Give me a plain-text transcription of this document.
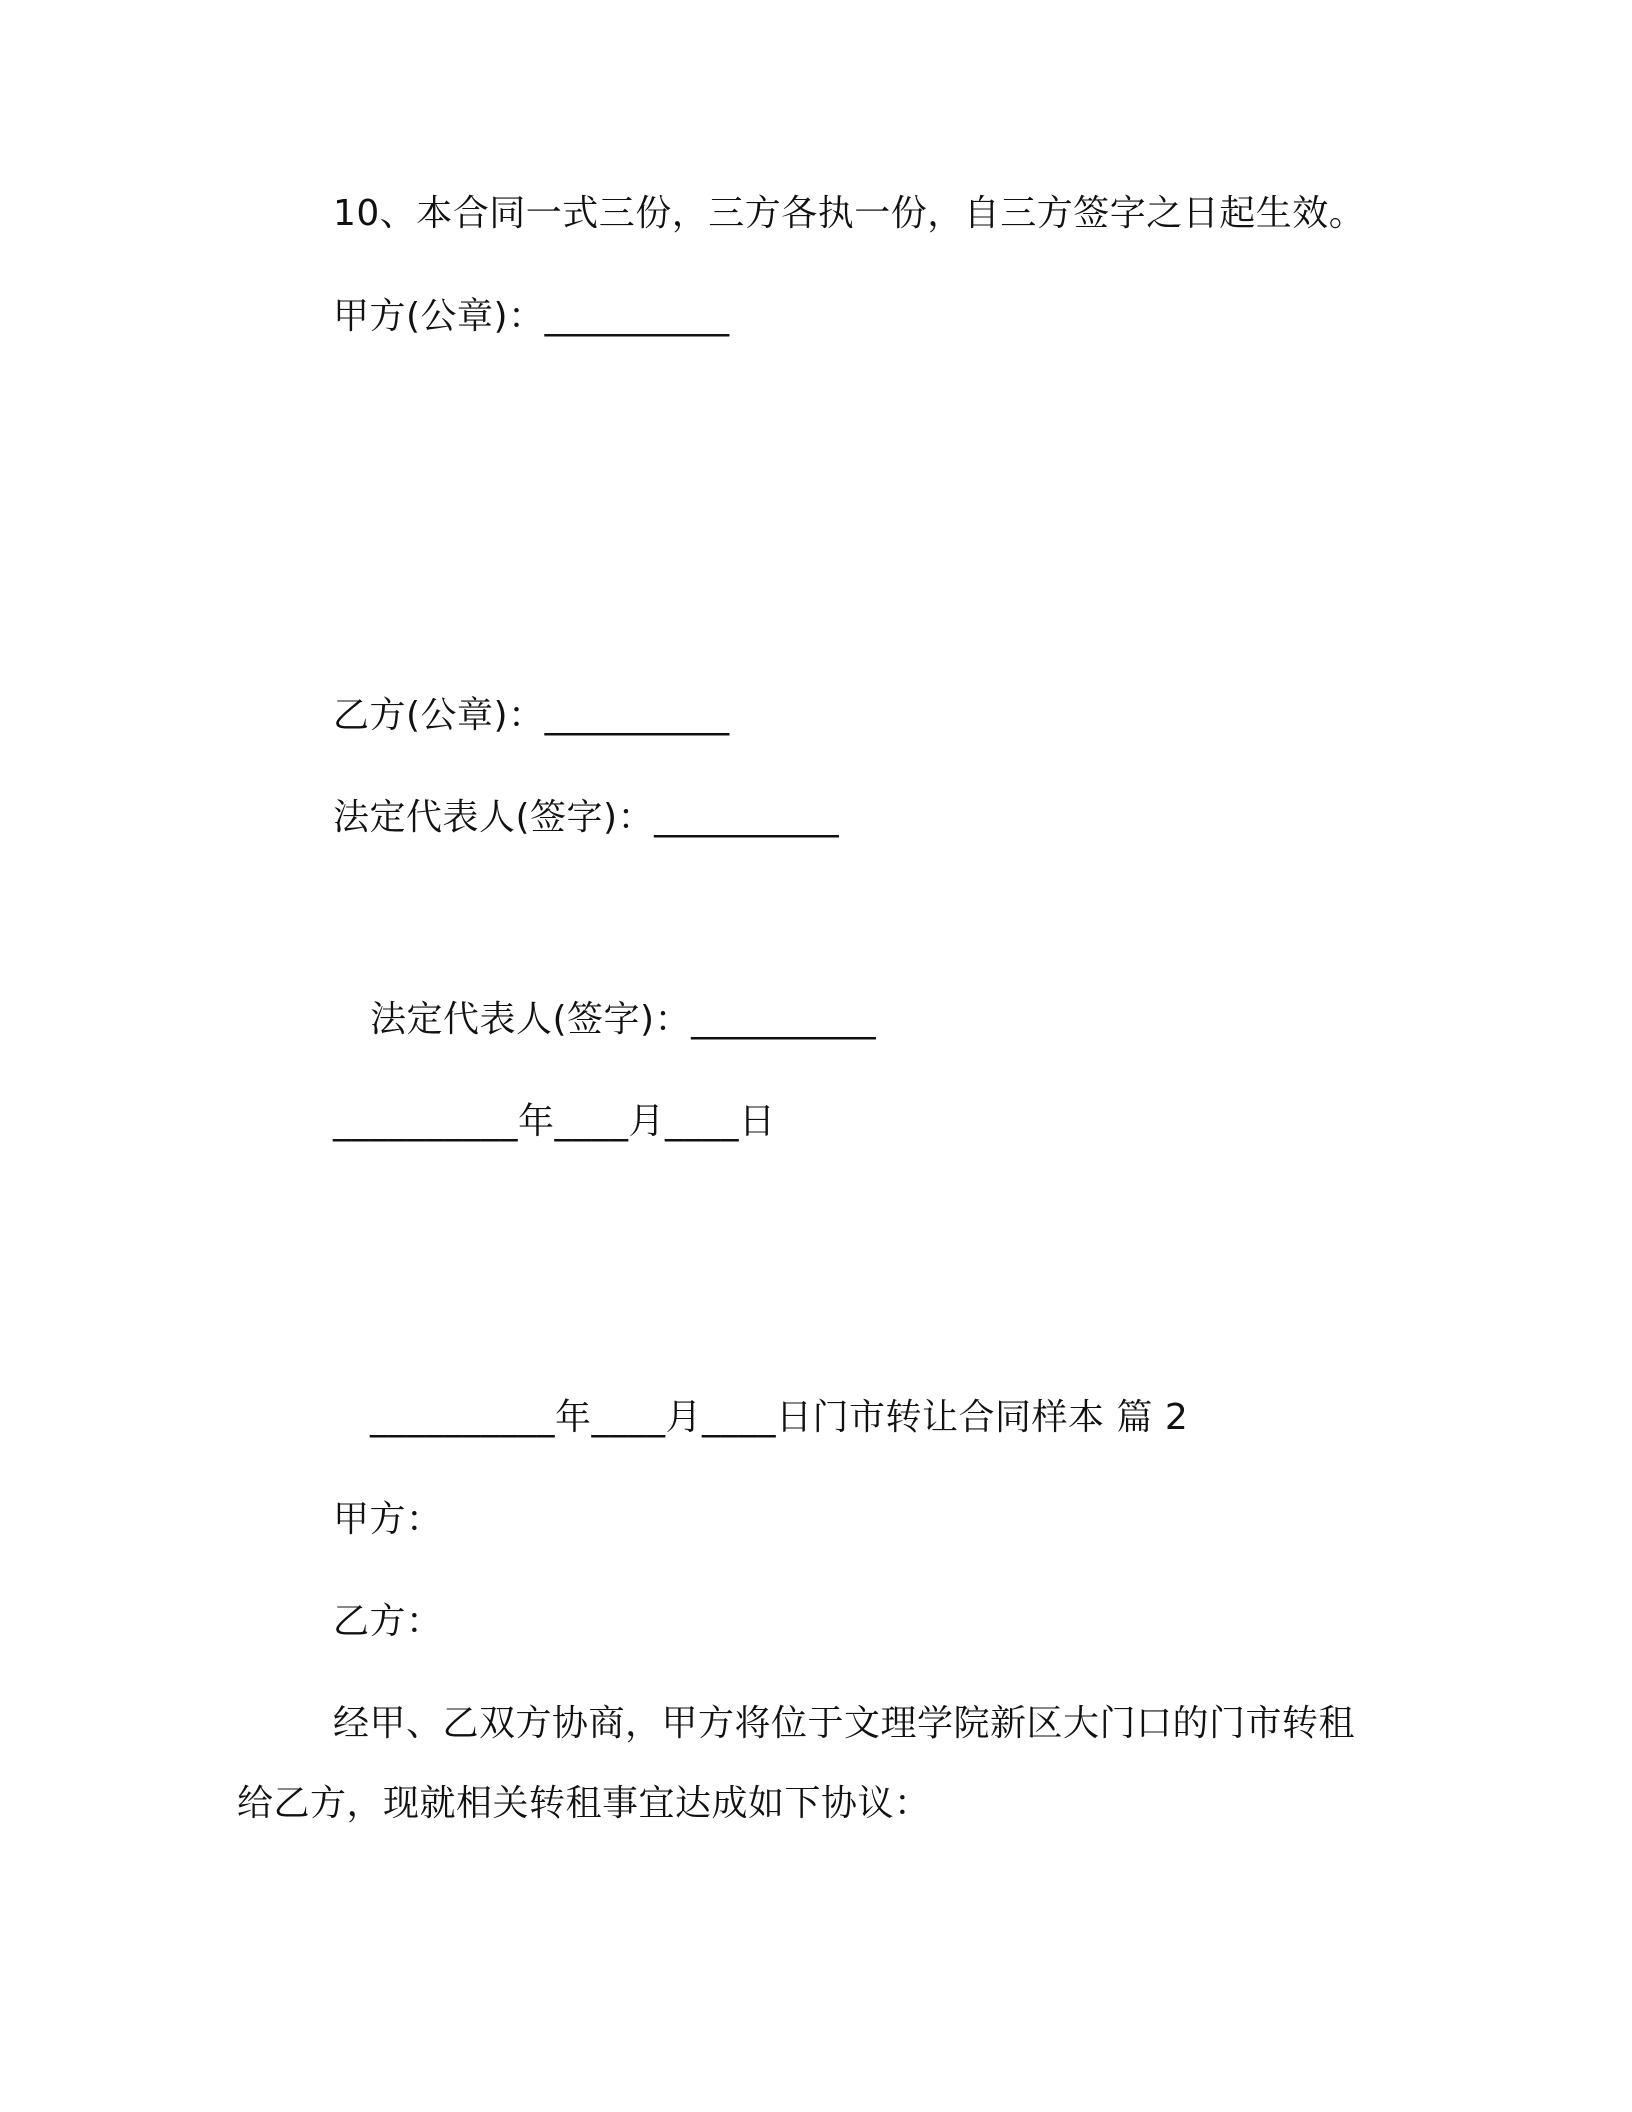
10、本合同一式三份，三方各执一份，自三方签字之日起生效。
甲方(公章)：__________
乙方(公章)：__________
法定代表人(签字)：__________
法定代表人(签字)：__________
__________年____月____日
__________年____月____日门市转让合同样本 篇 2
甲方：
乙方：
经甲、乙双方协商，甲方将位于文理学院新区大门口的门市转租
给乙方，现就相关转租事宜达成如下协议：
